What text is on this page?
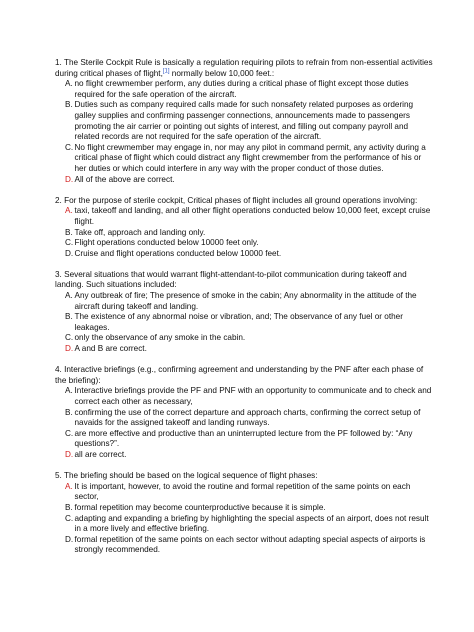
1. The Sterile Cockpit Rule is basically a regulation requiring pilots to refrain from non-essential activities during critical phases of flight,[1] normally below 10,000 feet.:
A. no flight crewmember perform, any duties during a critical phase of flight except those duties required for the safe operation of the aircraft.
B. Duties such as company required calls made for such nonsafety related purposes as ordering galley supplies and confirming passenger connections, announcements made to passengers promoting the air carrier or pointing out sights of interest, and filling out company payroll and related records are not required for the safe operation of the aircraft.
C. No flight crewmember may engage in, nor may any pilot in command permit, any activity during a critical phase of flight which could distract any flight crewmember from the performance of his or her duties or which could interfere in any way with the proper conduct of those duties.
D. All of the above are correct.
2. For the purpose of sterile cockpit, Critical phases of flight includes all ground operations involving:
A. taxi, takeoff and landing, and all other flight operations conducted below 10,000 feet, except cruise flight.
B. Take off, approach and landing only.
C. Flight operations conducted below 10000 feet only.
D. Cruise and flight operations conducted below 10000 feet.
3. Several situations that would warrant flight-attendant-to-pilot communication during takeoff and landing. Such situations included:
A. Any outbreak of fire; The presence of smoke in the cabin; Any abnormality in the attitude of the aircraft during takeoff and landing.
B. The existence of any abnormal noise or vibration, and; The observance of any fuel or other leakages.
C. only the observance of any smoke in the cabin.
D. A and B are correct.
4. Interactive briefings (e.g., confirming agreement and understanding by the PNF after each phase of the briefing):
A. Interactive briefings provide the PF and PNF with an opportunity to communicate and to check and correct each other as necessary,
B. confirming the use of the correct departure and approach charts, confirming the correct setup of navaids for the assigned takeoff and landing runways.
C. are more effective and productive than an uninterrupted lecture from the PF followed by: “Any questions?”.
D. all are correct.
5. The briefing should be based on the logical sequence of flight phases:
A. It is important, however, to avoid the routine and formal repetition of the same points on each sector,
B. formal repetition may become counterproductive because it is simple.
C. adapting and expanding a briefing by highlighting the special aspects of an airport, does not result in a more lively and effective briefing.
D. formal repetition of the same points on each sector without adapting special aspects of airports is strongly recommended.
